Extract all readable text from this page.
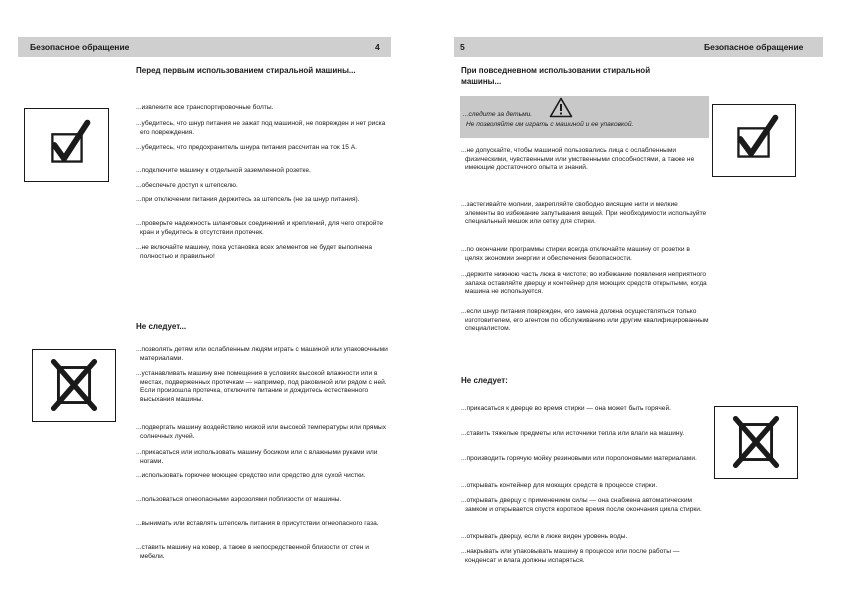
Безопасное обращение	4
Перед первым использованием стиральной машины...
...извлеките все транспортировочные болты.
...убедитесь, что шнур питания не зажат под машиной, не поврежден и нет риска его повреждения.
...убедитесь, что предохранитель шнура питания рассчитан на ток 15 А.
...подключите машину к отдельной заземленной розетке.
...обеспечьте доступ к штепселю.
...при отключении питания держитесь за штепсель (не за шнур питания).
...проверьте надежность шланговых соединений и креплений, для чего откройте кран и убедитесь в отсутствии протечек.
...не включайте машину, пока установка всех элементов не будет выполнена полностью и правильно!
Не следует...
...позволять детям или ослабленным людям играть с машиной или упаковочными материалами.
...устанавливать машину вне помещения в условиях высокой влажности или в местах, подверженных протечкам — например, под раковиной или рядом с ней. Если произошла протечка, отключите питание и дождитесь естественного высыхания машины.
...подвергать машину воздействию низкой или высокой температуры или прямых солнечных лучей.
...прикасаться или использовать машину босиком или с влажными руками или ногами.
...использовать горючее моющее средство или средство для сухой чистки.
...пользоваться огнеопасными аэрозолями поблизости от машины.
...вынимать или вставлять штепсель питания в присутствии огнеопасного газа.
...ставить машину на ковер, а также в непосредственной близости от стен и мебели.
5	Безопасное обращение
При повседневном использовании стиральной машины...
...следите за детьми.
Не позволяйте им играть с машиной и ее упаковкой.
...не допускайте, чтобы машиной пользовались лица с ослабленными физическими, чувственными или умственными способностями, а также не имеющие достаточного опыта и знаний.
...застегивайте молнии, закрепляйте свободно висящие нити и мелкие элементы во избежание запутывания вещей. При необходимости используйте специальный мешок или сетку для стирки.
...по окончании программы стирки всегда отключайте машину от розетки в целях экономии энергии и обеспечения безопасности.
...держите нижнюю часть люка в чистоте; во избежание появления неприятного запаха оставляйте дверцу и контейнер для моющих средств открытыми, когда машина не используется.
...если шнур питания поврежден, его замена должна осуществляться только изготовителем, его агентом по обслуживанию или другим квалифицированным специалистом.
Не следует:
...прикасаться к дверце во время стирки — она может быть горячей.
...ставить тяжелые предметы или источники тепла или влаги на машину.
...производить горячую мойку резиновыми или поролоновыми материалами.
...открывать контейнер для моющих средств в процессе стирки.
...открывать дверцу с применением силы — она снабжена автоматическим замком и открывается спустя короткое время после окончания цикла стирки.
...открывать дверцу, если в люке виден уровень воды.
...накрывать или упаковывать машину в процессе или после работы — конденсат и влага должны испаряться.
